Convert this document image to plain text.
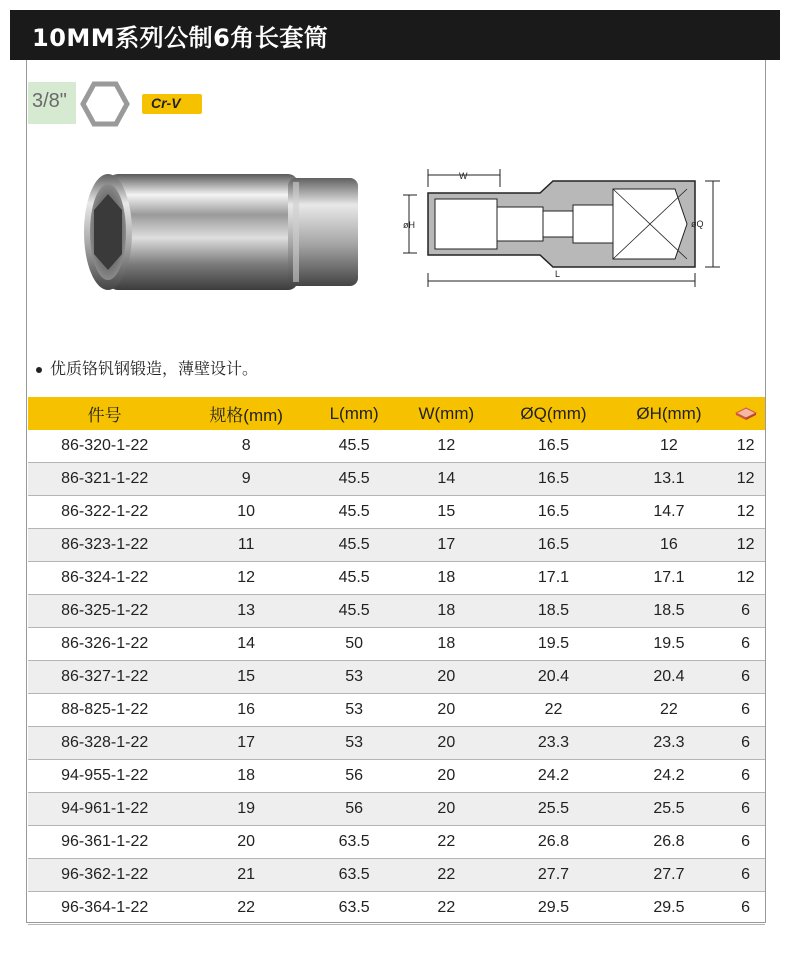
10MM系列公制6角长套筒
3/8"	Cr-V
W
L
øH	øQ
优质铬钒钢锻造，薄壁设计。
件号	规格(mm)	L(mm)	W(mm)	ØQ(mm)	ØH(mm)	
86-320-1-22	8	45.5	12	16.5	12	12
86-321-1-22	9	45.5	14	16.5	13.1	12
86-322-1-22	10	45.5	15	16.5	14.7	12
86-323-1-22	11	45.5	17	16.5	16	12
86-324-1-22	12	45.5	18	17.1	17.1	12
86-325-1-22	13	45.5	18	18.5	18.5	6
86-326-1-22	14	50	18	19.5	19.5	6
86-327-1-22	15	53	20	20.4	20.4	6
88-825-1-22	16	53	20	22	22	6
86-328-1-22	17	53	20	23.3	23.3	6
94-955-1-22	18	56	20	24.2	24.2	6
94-961-1-22	19	56	20	25.5	25.5	6
96-361-1-22	20	63.5	22	26.8	26.8	6
96-362-1-22	21	63.5	22	27.7	27.7	6
96-364-1-22	22	63.5	22	29.5	29.5	6
